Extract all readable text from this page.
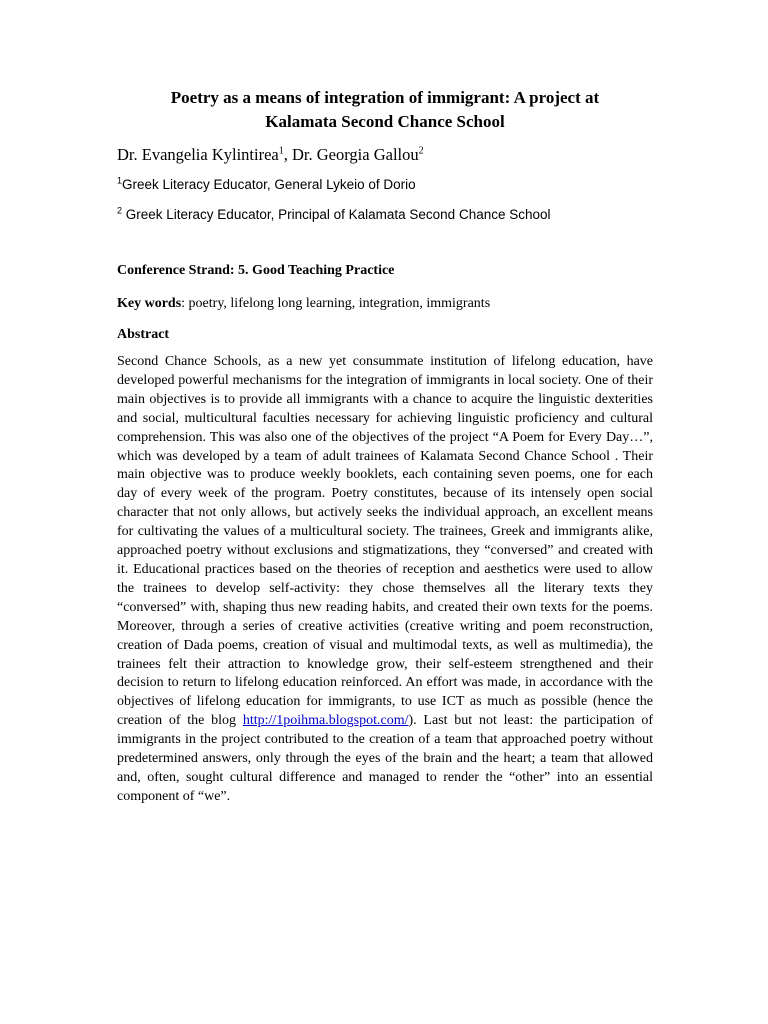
Poetry as a means of integration of immigrant: A project at
Kalamata Second Chance School
Dr. Evangelia Kylintirea$^1$, Dr. Georgia Gallou$^2$
$^1$Greek Literacy Educator, General Lykeio of Dorio
$^2$ Greek Literacy Educator, Principal of Kalamata Second Chance School
Conference Strand: 5. Good Teaching Practice
Key words: poetry, lifelong long learning, integration, immigrants
Abstract

Second Chance Schools, as a new yet consummate institution of lifelong education, have developed powerful mechanisms for the integration of immigrants in local society. One of their main objectives is to provide all immigrants with a chance to acquire the linguistic dexterities and social, multicultural faculties necessary for achieving linguistic proficiency and cultural comprehension. This was also one of the objectives of the project “A Poem for Every Day…”, which was developed by a team of adult trainees of Kalamata Second Chance School . Their main objective was to produce weekly booklets, each containing seven poems, one for each day of every week of the program. Poetry constitutes, because of its intensely open social character that not only allows, but actively seeks the individual approach, an excellent means for cultivating the values of a multicultural society. The trainees, Greek and immigrants alike, approached poetry without exclusions and stigmatizations, they “conversed” and created with it. Educational practices based on the theories of reception and aesthetics were used to allow the trainees to develop self-activity: they chose themselves all the literary texts they “conversed” with, shaping thus new reading habits, and created their own texts for the poems. Moreover, through a series of creative activities (creative writing and poem reconstruction, creation of Dada poems, creation of visual and multimodal texts, as well as multimedia), the trainees felt their attraction to knowledge grow, their self-esteem strengthened and their decision to return to lifelong education reinforced. An effort was made, in accordance with the objectives of lifelong education for immigrants, to use ICT as much as possible (hence the creation of the blog http://1poihma.blogspot.com/). Last but not least: the participation of immigrants in the project contributed to the creation of a team that approached poetry without predetermined answers, only through the eyes of the brain and the heart; a team that allowed and, often, sought cultural difference and managed to render the “other” into an essential component of “we”.
